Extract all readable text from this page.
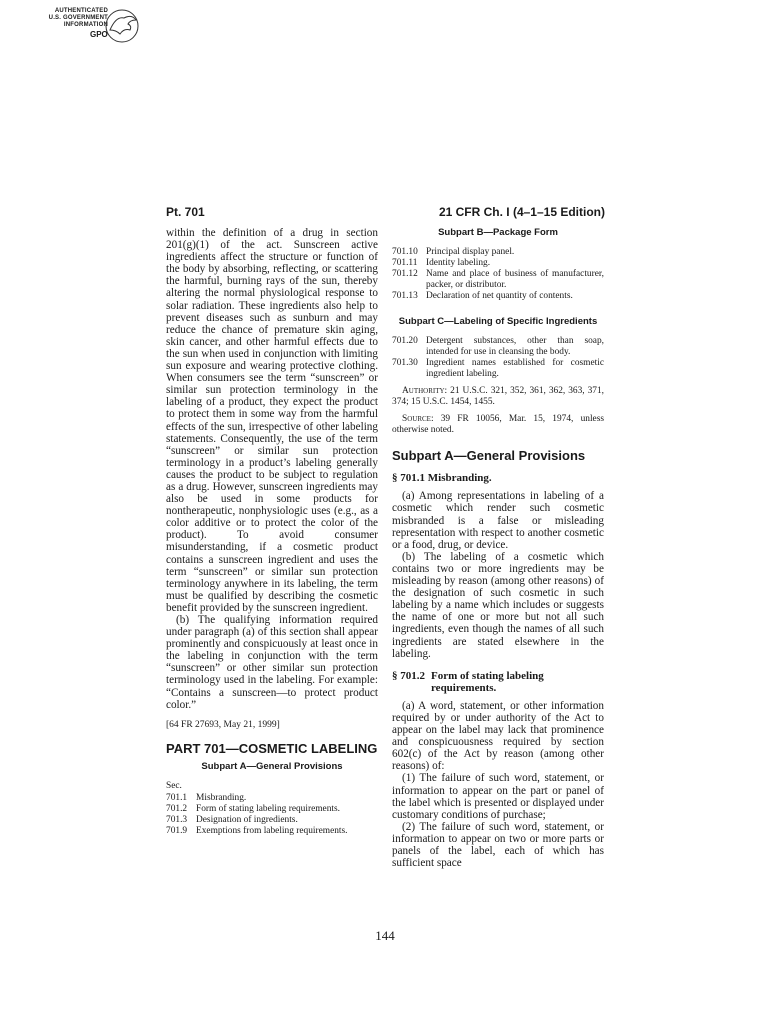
AUTHENTICATED
U.S. GOVERNMENT
INFORMATION
GPO
Pt. 701	21 CFR Ch. I (4–1–15 Edition)

within the definition of a drug in section 201(g)(1) of the act. Sunscreen active ingredients affect the structure or function of the body by absorbing, reflecting, or scattering the harmful, burning rays of the sun, thereby altering the normal physiological response to solar radiation. These ingredients also help to prevent diseases such as sunburn and may reduce the chance of premature skin aging, skin cancer, and other harmful effects due to the sun when used in conjunction with limiting sun exposure and wearing protective clothing. When consumers see the term “sunscreen” or similar sun protection terminology in the labeling of a product, they expect the product to protect them in some way from the harmful effects of the sun, irrespective of other labeling statements. Consequently, the use of the term “sunscreen” or similar sun protection terminology in a product’s labeling generally causes the product to be subject to regulation as a drug. However, sunscreen ingredients may also be used in some products for nontherapeutic, nonphysiologic uses (e.g., as a color additive or to protect the color of the product). To avoid consumer misunderstanding, if a cosmetic product contains a sunscreen ingredient and uses the term “sunscreen” or similar sun protection terminology anywhere in its labeling, the term must be qualified by describing the cosmetic benefit provided by the sunscreen ingredient.

(b) The qualifying information required under paragraph (a) of this section shall appear prominently and conspicuously at least once in the labeling in conjunction with the term “sunscreen” or other similar sun protection terminology used in the labeling. For example: “Contains a sunscreen—to protect product color.”

[64 FR 27693, May 21, 1999]

PART 701—COSMETIC LABELING
Subpart A—General Provisions
Sec.
701.1 Misbranding.
701.2 Form of stating labeling requirements.
701.3 Designation of ingredients.
701.9 Exemptions from labeling requirements.
Subpart B—Package Form
701.10 Principal display panel.
701.11 Identity labeling.
701.12 Name and place of business of manufacturer, packer, or distributor.
701.13 Declaration of net quantity of contents.
Subpart C—Labeling of Specific Ingredients
701.20 Detergent substances, other than soap, intended for use in cleansing the body.
701.30 Ingredient names established for cosmetic ingredient labeling.

Authority: 21 U.S.C. 321, 352, 361, 362, 363, 371, 374; 15 U.S.C. 1454, 1455.

Source: 39 FR 10056, Mar. 15, 1974, unless otherwise noted.

Subpart A—General Provisions
§ 701.1 Misbranding.

(a) Among representations in labeling of a cosmetic which render such cosmetic misbranded is a false or misleading representation with respect to another cosmetic or a food, drug, or device.

(b) The labeling of a cosmetic which contains two or more ingredients may be misleading by reason (among other reasons) of the designation of such cosmetic in such labeling by a name which includes or suggests the name of one or more but not all such ingredients, even though the names of all such ingredients are stated elsewhere in the labeling.

§ 701.2 Form of stating labeling requirements.

(a) A word, statement, or other information required by or under authority of the Act to appear on the label may lack that prominence and conspicuousness required by section 602(c) of the Act by reason (among other reasons) of:

(1) The failure of such word, statement, or information to appear on the part or panel of the label which is presented or displayed under customary conditions of purchase;

(2) The failure of such word, statement, or information to appear on two or more parts or panels of the label, each of which has sufficient space

144
